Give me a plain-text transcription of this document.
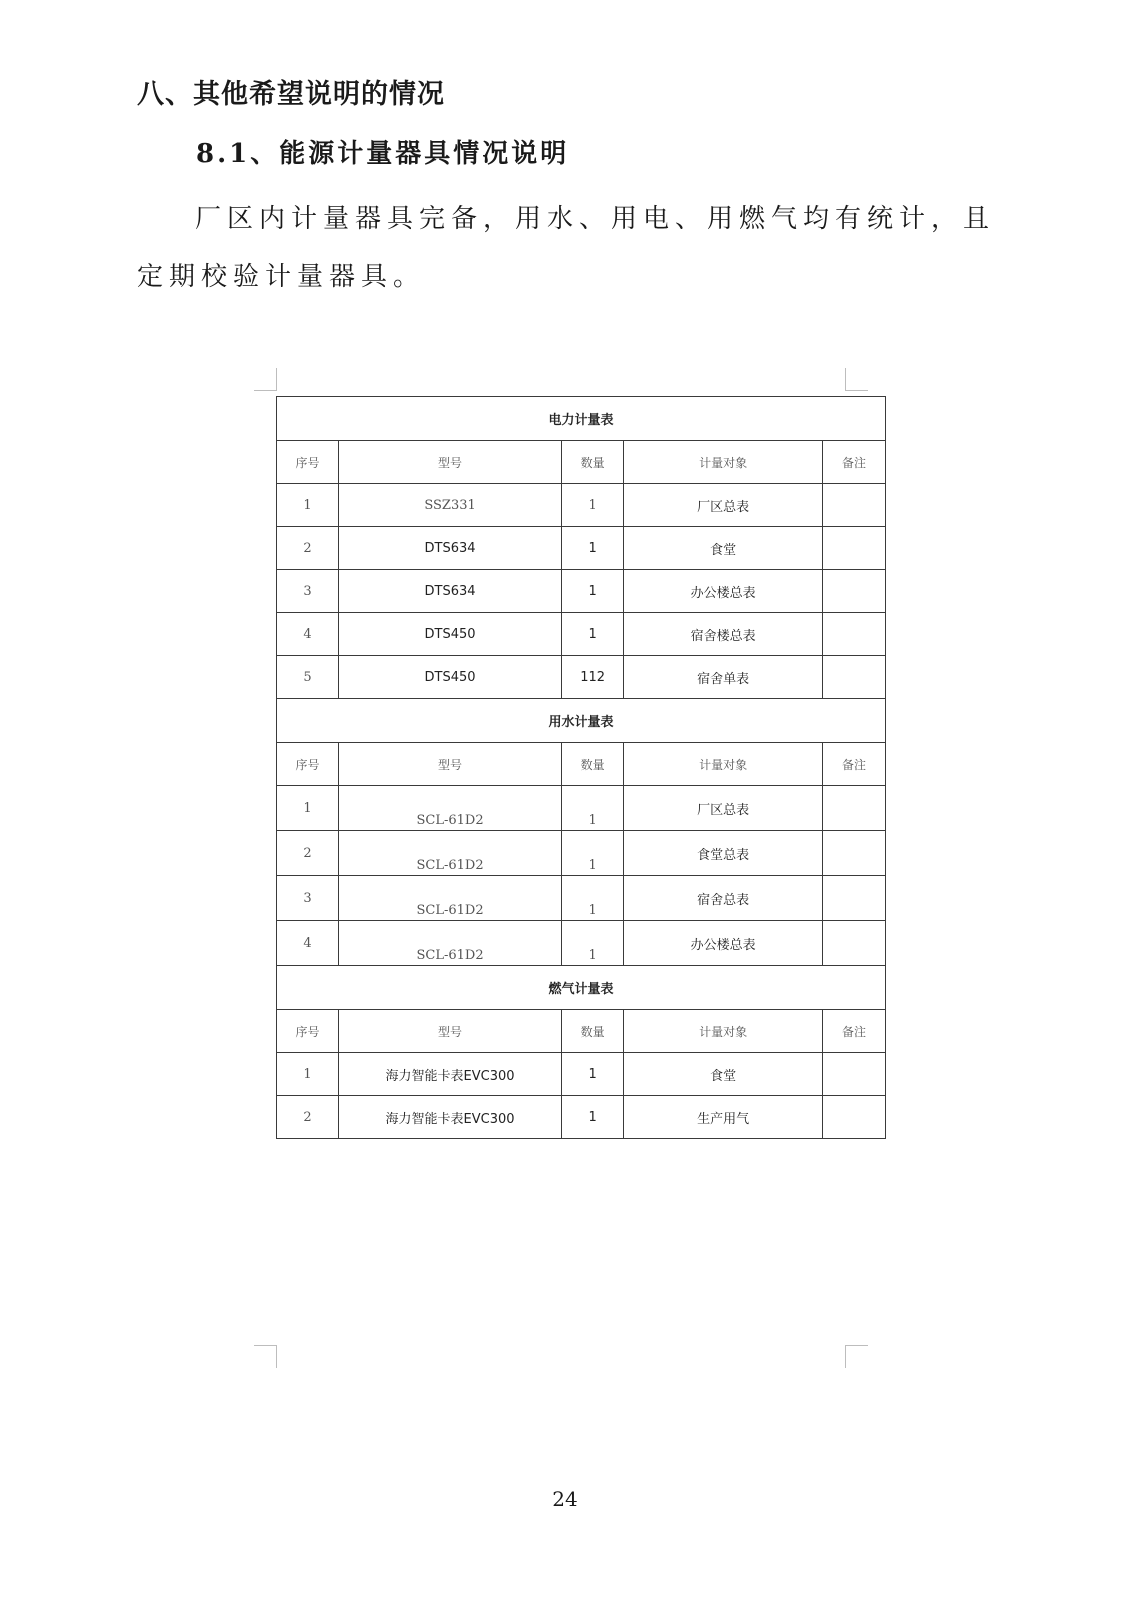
八、其他希望说明的情况
8.1、能源计量器具情况说明

厂区内计量器具完备，用水、用电、用燃气均有统计，且定期校验计量器具。

电力计量表				
序号	型号	数量	计量对象	备注
1	SSZ331	1	厂区总表	
2	DTS634	1	食堂	
3	DTS634	1	办公楼总表	
4	DTS450	1	宿舍楼总表	
5	DTS450	112	宿舍单表	
用水计量表				
序号	型号	数量	计量对象	备注
1	SCL-61D2	1	厂区总表	
2	SCL-61D2	1	食堂总表	
3	SCL-61D2	1	宿舍总表	
4	SCL-61D2	1	办公楼总表	
燃气计量表				
序号	型号	数量	计量对象	备注
1	海力智能卡表EVC300	1	食堂	
2	海力智能卡表EVC300	1	生产用气	

24
